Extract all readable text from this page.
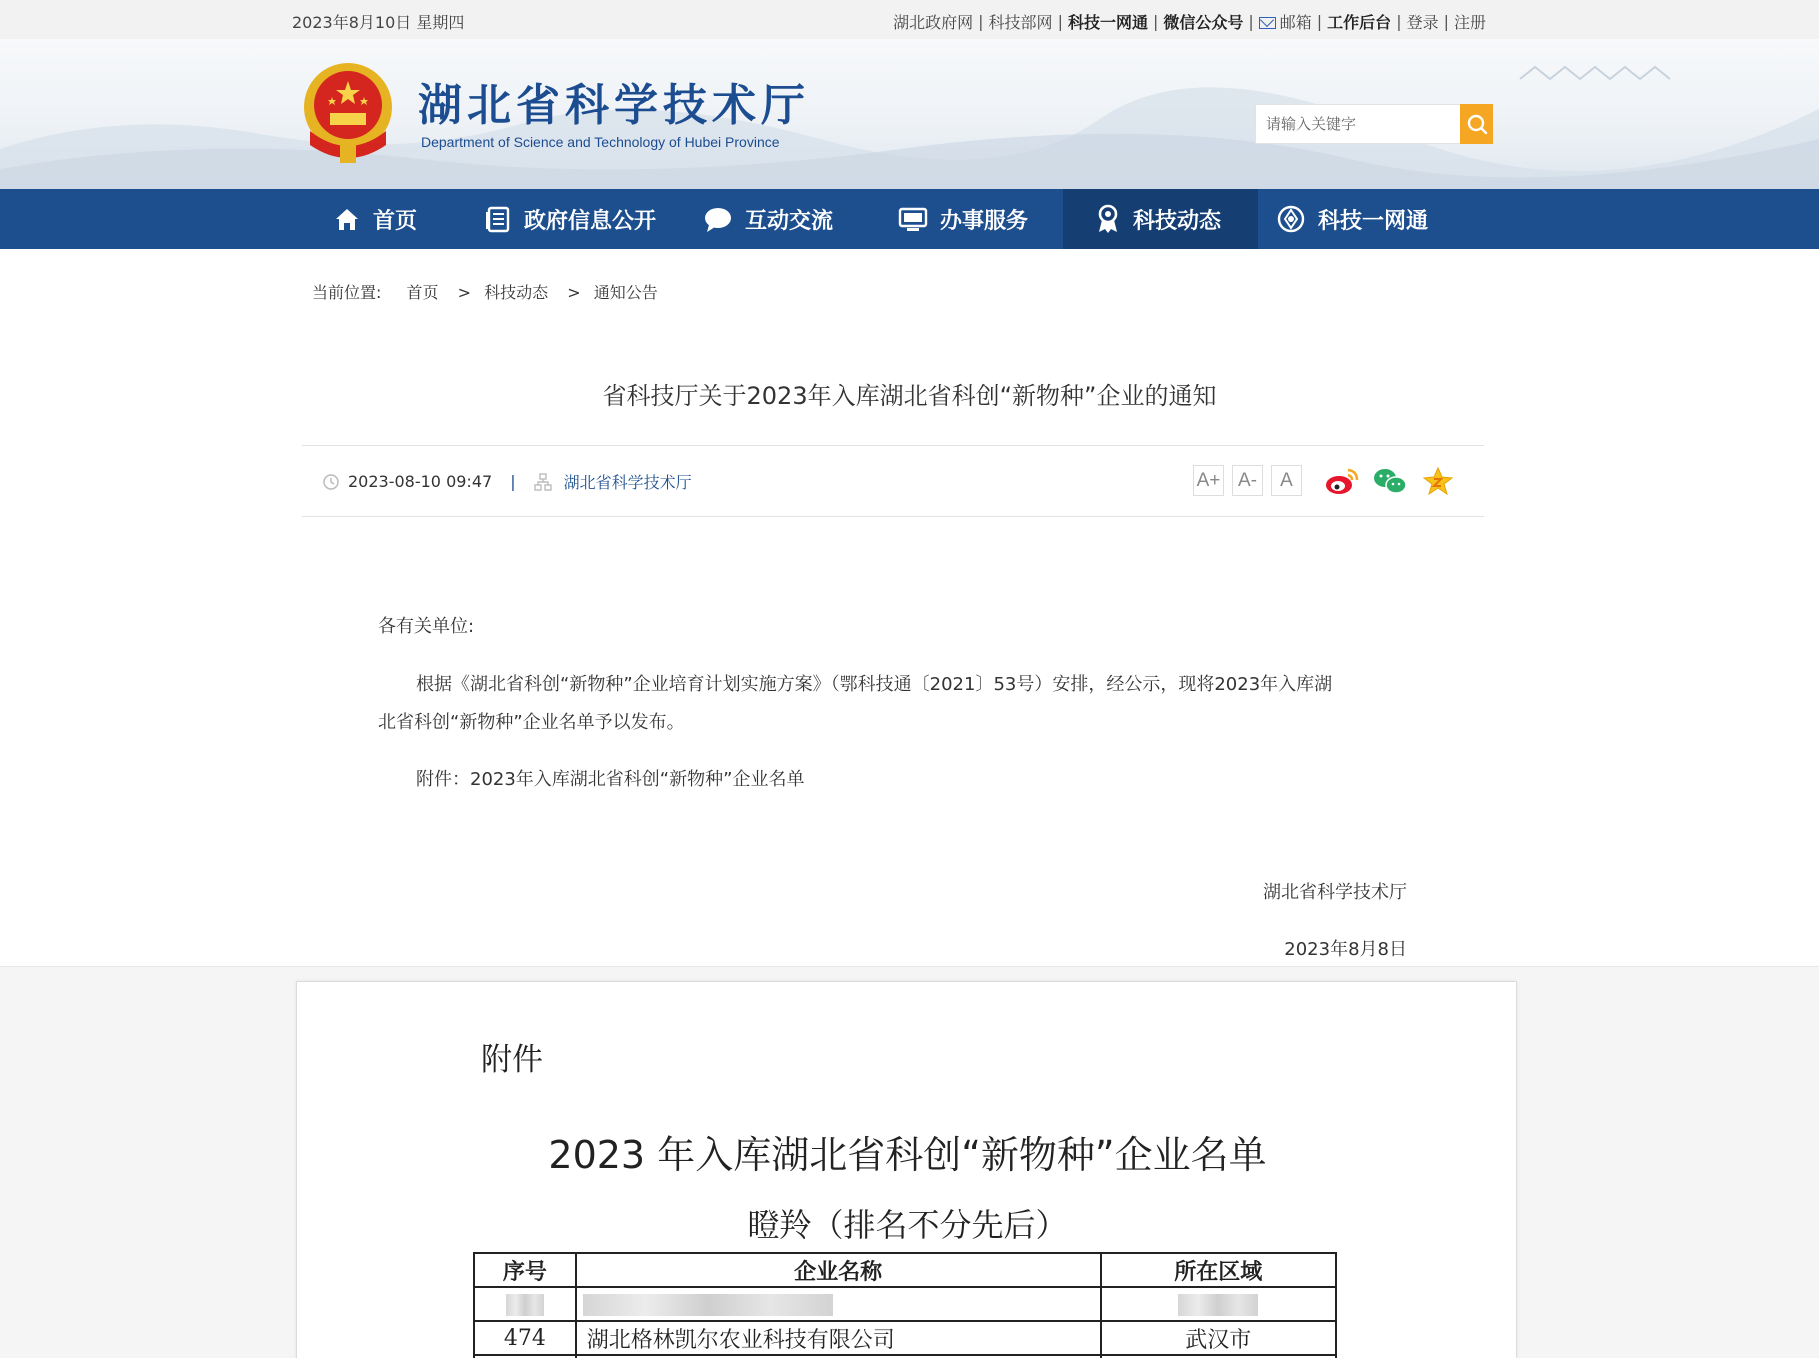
2023年8月10日 星期四	湖北政府网 | 科技部网 | 科技一网通 | 微信公众号 | 邮箱 | 工作后台 | 登录 | 注册
湖北省科学技术厅
Department of Science and Technology of Hubei Province
请输入关键字
首页	政府信息公开	互动交流	办事服务	科技动态	科技一网通
当前位置: 首页 > 科技动态 > 通知公告
省科技厅关于2023年入库湖北省科创“新物种”企业的通知
2023-08-10 09:47 |	湖北省科学技术厅	A+ A-	A
各有关单位:
根据《湖北省科创“新物种”企业培育计划实施方案》（鄂科技通〔2021〕53号）安排，经公示，现将2023年入库湖
北省科创“新物种”企业名单予以发布。
附件：2023年入库湖北省科创“新物种”企业名单
湖北省科学技术厅
2023年8月8日
附件
2023 年入库湖北省科创“新物种”企业名单
瞪羚（排名不分先后）
序号	企业名称	所在区域

474	湖北格林凯尔农业科技有限公司	武汉市
